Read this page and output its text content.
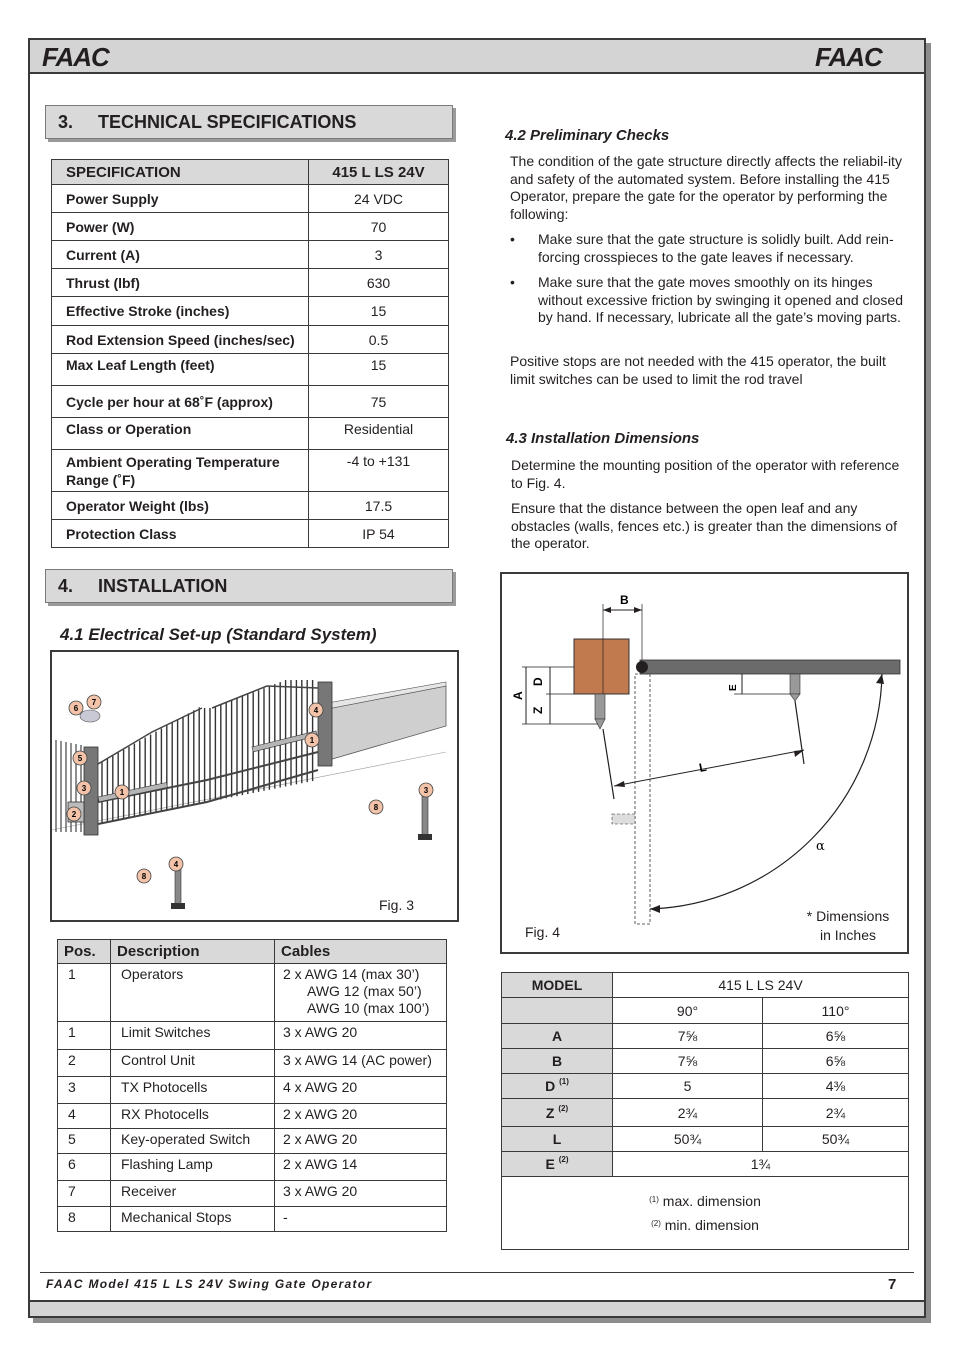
FAAC	FAAC
3.	TECHNICAL SPECIFICATIONS
SPECIFICATION	415 L LS 24V
Power Supply	24 VDC
Power (W)	70
Current (A)	3
Thrust (lbf)	630
Effective Stroke (inches)	15
Rod Extension Speed (inches/sec)	0.5
Max Leaf Length (feet)	15
Cycle per hour at 68˚F (approx)	75
Class or Operation	Residential
Ambient Operating Temperature Range (˚F)	-4 to +131
Operator Weight (lbs)	17.5
Protection Class	IP 54
4.	INSTALLATION
4.1 Electrical Set-up (Standard System)
1
1
2
3	3
4
4
5
6
7
8
8
Fig. 3
Pos.	Description	Cables
1	Operators	2 x AWG 14 (max 30’)
AWG 12 (max 50’)
AWG 10 (max 100’)

1	Limit Switches	3 x AWG 20
2	Control Unit	3 x AWG 14 (AC power)
3	TX Photocells	4 x AWG 20
4	RX Photocells	2 x AWG 20
5	Key-operated Switch	2 x AWG 20
6	Flashing Lamp	2 x AWG 14
7	Receiver	3 x AWG 20
8	Mechanical Stops	-
4.2 Preliminary Checks
The condition of the gate structure directly affects the reliabil-ity and safety of the automated system. Before installing the 415 Operator, prepare the gate for the operator by performing the following:
• Make sure that the gate structure is solidly built. Add rein-forcing crosspieces to the gate leaves if necessary.
• Make sure that the gate moves smoothly on its hinges without excessive friction by swinging it opened and closed by hand. If necessary, lubricate all the gate’s moving parts.
Positive stops are not needed with the 415 operator, the built limit switches can be used to limit the rod travel
4.3 Installation Dimensions
Determine the mounting position of the operator with reference to Fig. 4.
Ensure that the distance between the open leaf and any obstacles (walls, fences etc.) is greater than the dimensions of the operator.
B
A
D
Z
E
L
α
Fig. 4
* Dimensions
in Inches
MODEL	415 L LS 24V	
	90°	110°
A	7⅝	6⅝
B	7⅝	6⅝
D $^{(1)}$	5	4⅜
Z $^{(2)}$	2¾	2¾
L	50¾	50¾
E $^{(2)}$	1¾	

$^{(1)}$ max. dimension
$^{(2)}$ min. dimension		
FAAC Model 415 L LS 24V Swing Gate Operator	7
